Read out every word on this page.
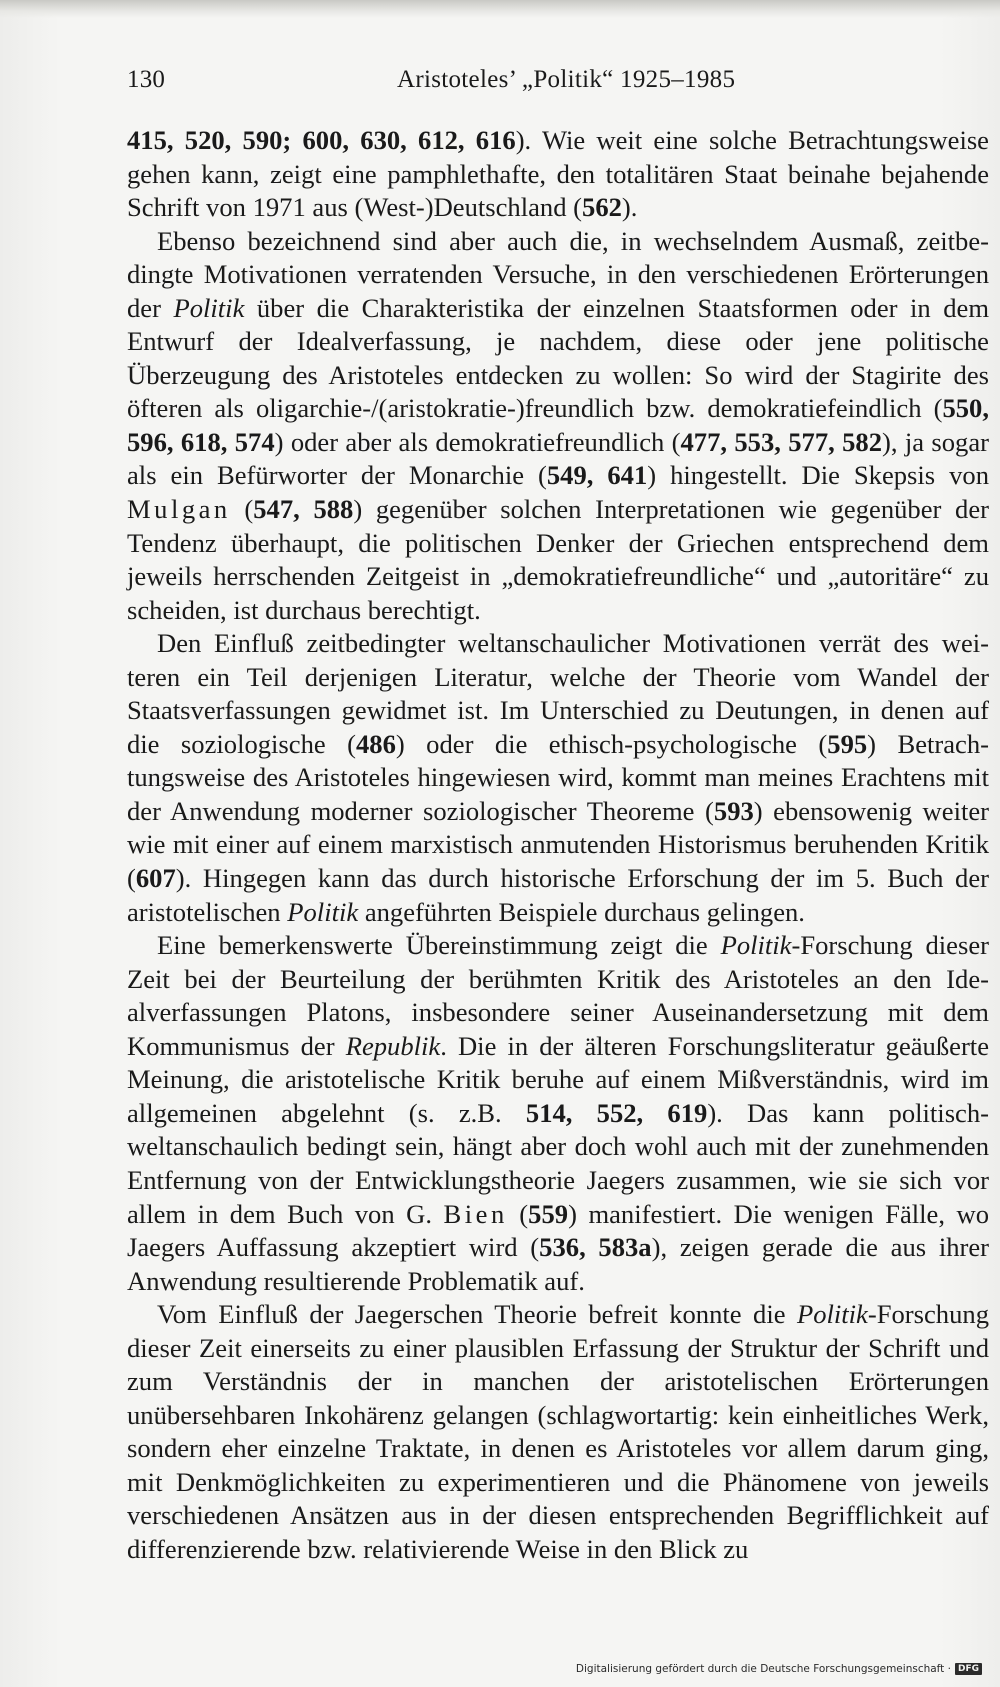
130	Aristoteles’ „Politik“ 1925–1985

415, 520, 590; 600, 630, 612, 616). Wie weit eine solche Betrachtungsweise gehen kann, zeigt eine pamphlethafte, den totalitären Staat beinahe bejahende Schrift von 1971 aus (West-)Deutschland (562).

Ebenso bezeichnend sind aber auch die, in wechselndem Ausmaß, zeitbedingte Motivationen verratenden Versuche, in den verschiedenen Erörterungen der Politik über die Charakteristika der einzelnen Staatsformen oder in dem Entwurf der Idealverfassung, je nachdem, diese oder jene politische Überzeugung des Aristoteles entdecken zu wollen: So wird der Stagirite des öfteren als oligarchie-/(aristokratie-)freundlich bzw. demokratiefeindlich (550, 596, 618, 574) oder aber als demokratiefreundlich (477, 553, 577, 582), ja sogar als ein Befürworter der Monarchie (549, 641) hingestellt. Die Skepsis von Mulgan (547, 588) gegenüber solchen Interpretationen wie gegenüber der Tendenz überhaupt, die politischen Denker der Griechen entsprechend dem jeweils herrschenden Zeitgeist in „demokratiefreundliche“ und „autoritäre“ zu scheiden, ist durchaus berechtigt.

Den Einfluß zeitbedingter weltanschaulicher Motivationen verrät des weiteren ein Teil derjenigen Literatur, welche der Theorie vom Wandel der Staatsverfassungen gewidmet ist. Im Unterschied zu Deutungen, in denen auf die soziologische (486) oder die ethisch-psychologische (595) Betrachtungsweise des Aristoteles hingewiesen wird, kommt man meines Erachtens mit der Anwendung moderner soziologischer Theoreme (593) ebensowenig weiter wie mit einer auf einem marxistisch anmutenden Historismus beruhenden Kritik (607). Hingegen kann das durch historische Erforschung der im 5. Buch der aristotelischen Politik angeführten Beispiele durchaus gelingen.

Eine bemerkenswerte Übereinstimmung zeigt die Politik-Forschung dieser Zeit bei der Beurteilung der berühmten Kritik des Aristoteles an den Idealverfassungen Platons, insbesondere seiner Auseinandersetzung mit dem Kommunismus der Republik. Die in der älteren Forschungsliteratur geäußerte Meinung, die aristotelische Kritik beruhe auf einem Mißverständnis, wird im allgemeinen abgelehnt (s. z.B. 514, 552, 619). Das kann politisch-weltanschaulich bedingt sein, hängt aber doch wohl auch mit der zunehmenden Entfernung von der Entwicklungstheorie Jaegers zusammen, wie sie sich vor allem in dem Buch von G. Bien (559) manifestiert. Die wenigen Fälle, wo Jaegers Auffassung akzeptiert wird (536, 583a), zeigen gerade die aus ihrer Anwendung resultierende Problematik auf.

Vom Einfluß der Jaegerschen Theorie befreit konnte die Politik-Forschung dieser Zeit einerseits zu einer plausiblen Erfassung der Struktur der Schrift und zum Verständnis der in manchen der aristotelischen Erörterungen unübersehbaren Inkohärenz gelangen (schlagwortartig: kein einheitliches Werk, sondern eher einzelne Traktate, in denen es Aristoteles vor allem darum ging, mit Denkmöglichkeiten zu experimentieren und die Phänomene von jeweils verschiedenen Ansätzen aus in der diesen entsprechenden Begrifflichkeit auf differenzierende bzw. relativierende Weise in den Blick zu

Digitalisierung gefördert durch die Deutsche Forschungsgemeinschaft · DFG
